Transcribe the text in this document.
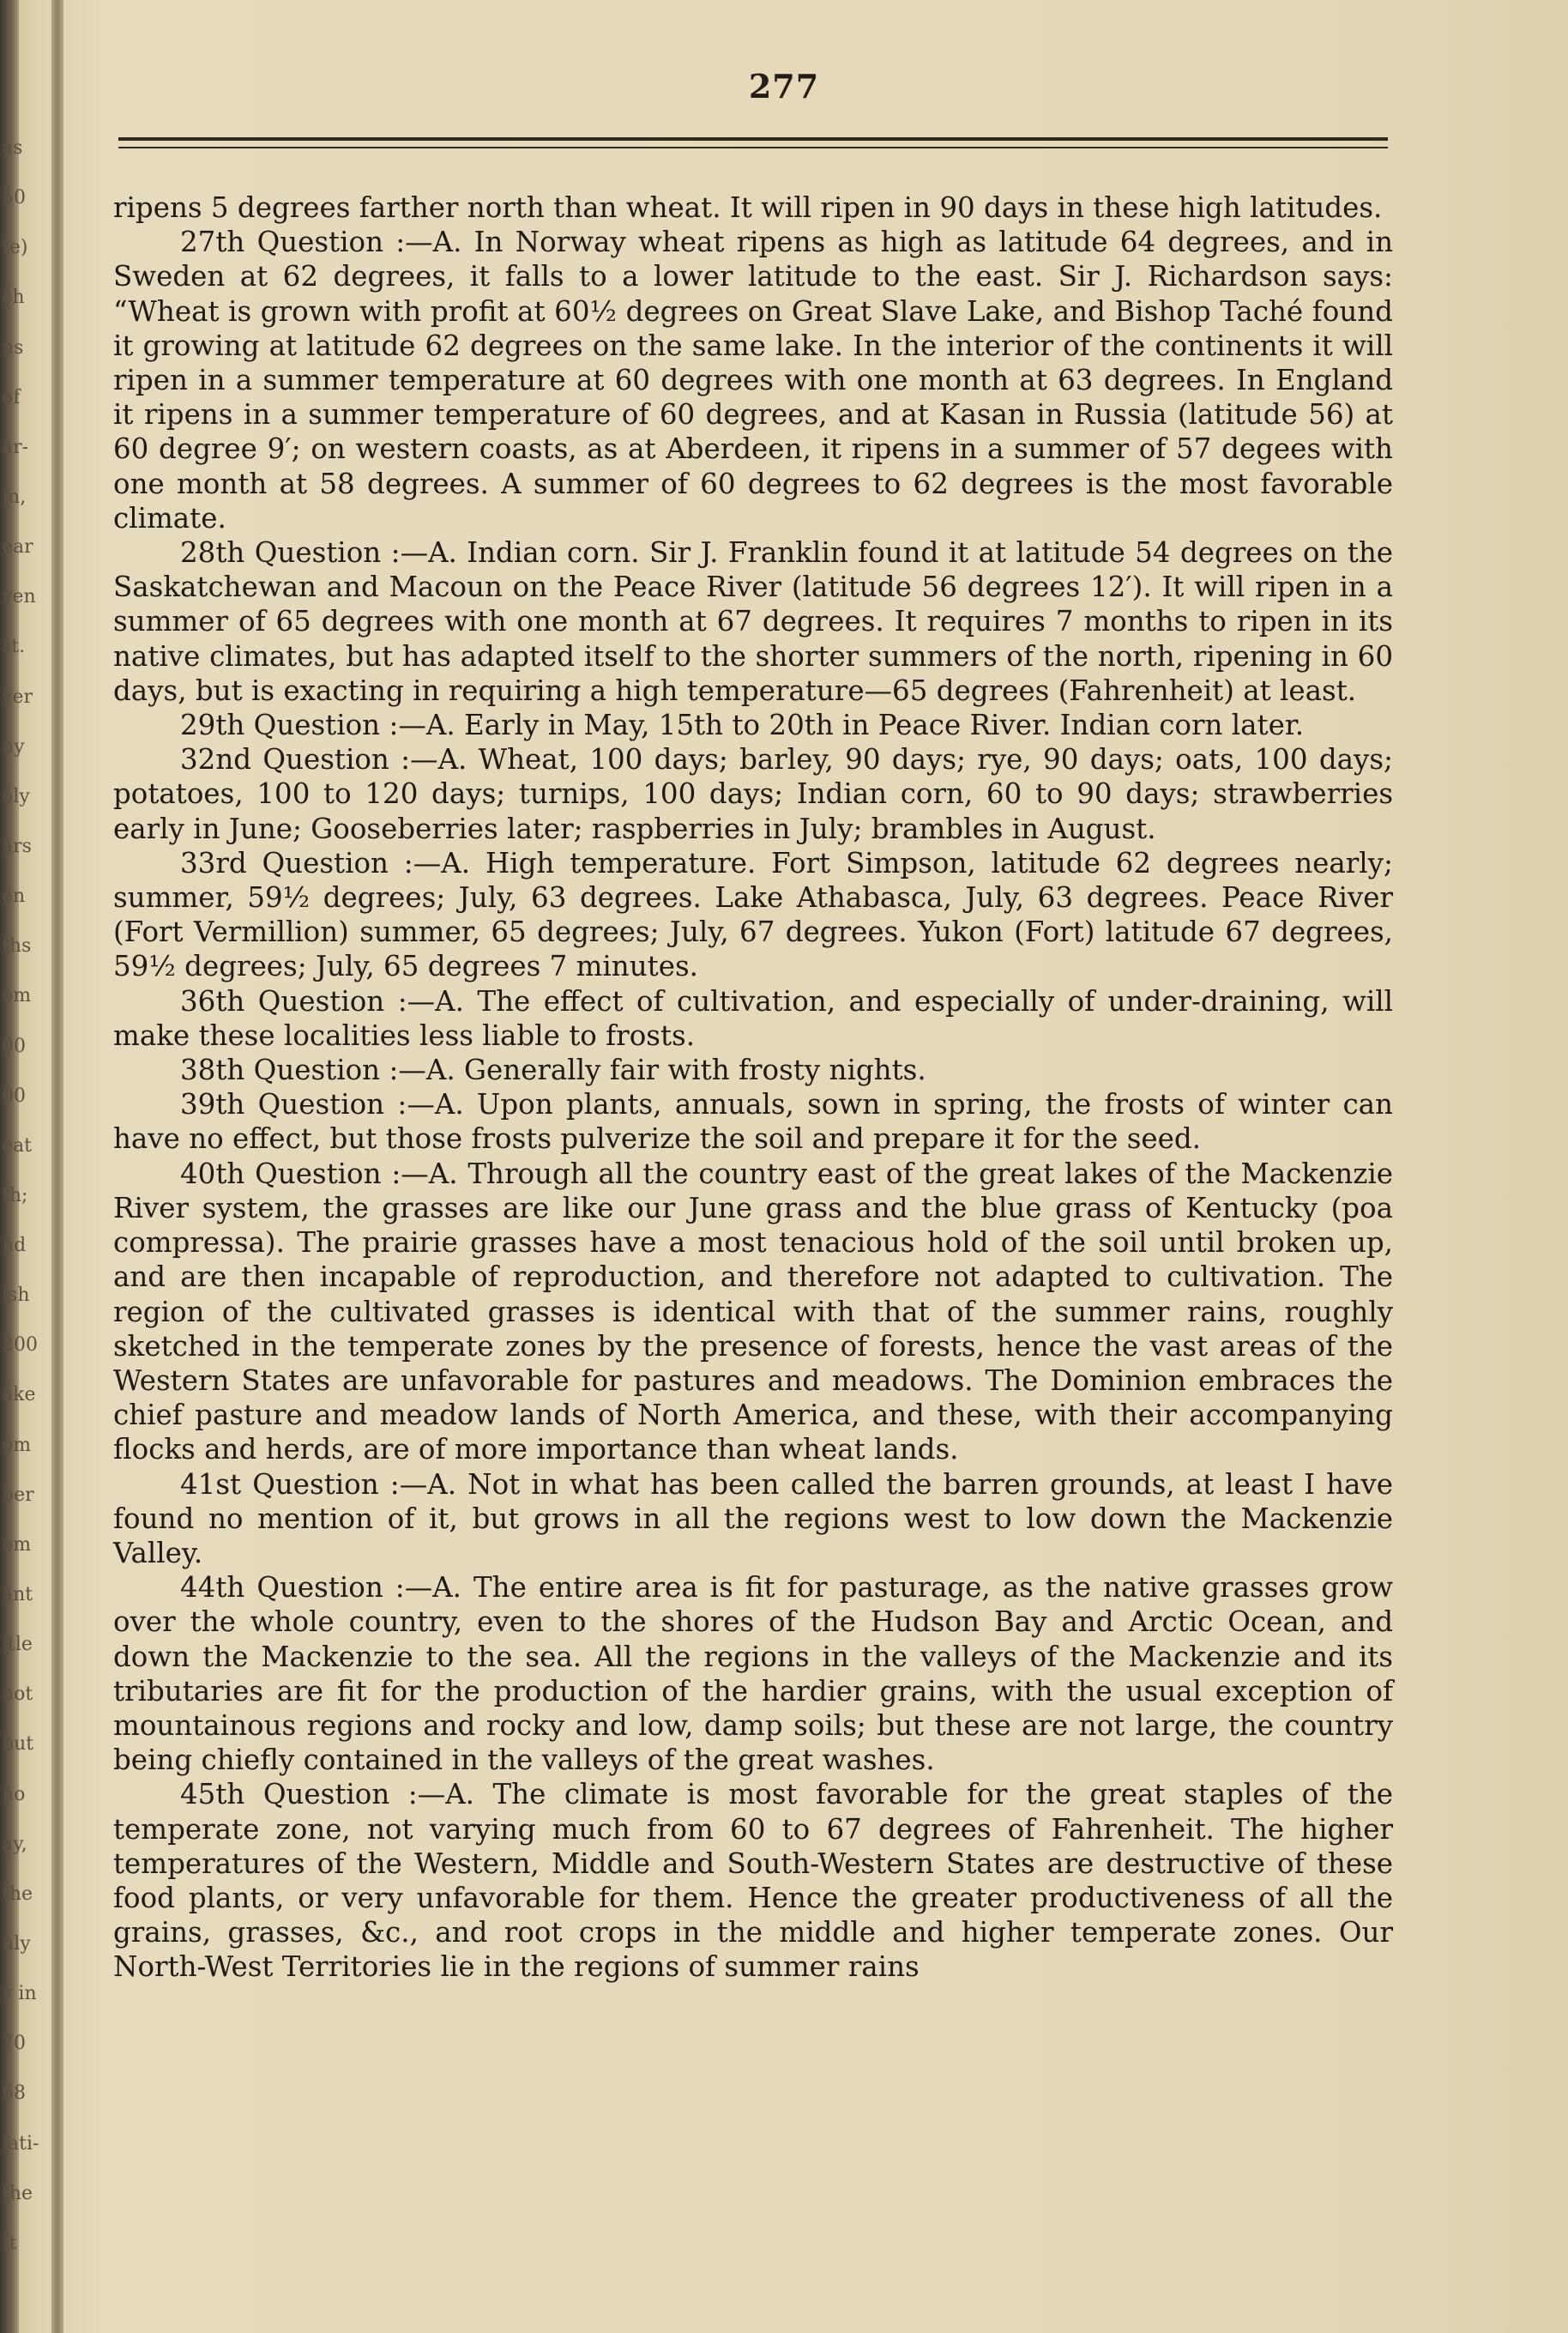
as
50
te)
ch
ns
of
ar-
in,
ear
ven
st.
ver
ny
oly
ars
en
ths
om
00
00
eat
th;
nd
ish
200
ake
om
ber
om
ant
itle
not
but
no
ay,
the
uly
y in
70
68
lati-
the
It
277

ripens 5 degrees farther north than wheat. It will ripen in 90 days in these high latitudes.

27th Question :—A. In Norway wheat ripens as high as latitude 64 degrees, and in Sweden at 62 degrees, it falls to a lower latitude to the east. Sir J. Richardson says: “Wheat is grown with profit at 60½ degrees on Great Slave Lake, and Bishop Taché found it growing at latitude 62 degrees on the same lake. In the interior of the continents it will ripen in a summer temperature at 60 degrees with one month at 63 degrees. In England it ripens in a summer temperature of 60 degrees, and at Kasan in Russia (latitude 56) at 60 degree 9′; on western coasts, as at Aberdeen, it ripens in a summer of 57 degees with one month at 58 degrees. A summer of 60 degrees to 62 degrees is the most favorable climate.

28th Question :—A. Indian corn. Sir J. Franklin found it at latitude 54 degrees on the Saskatchewan and Macoun on the Peace River (latitude 56 degrees 12′). It will ripen in a summer of 65 degrees with one month at 67 degrees. It requires 7 months to ripen in its native climates, but has adapted itself to the shorter summers of the north, ripening in 60 days, but is exacting in requiring a high temperature—65 degrees (Fahrenheit) at least.

29th Question :—A. Early in May, 15th to 20th in Peace River. Indian corn later.

32nd Question :—A. Wheat, 100 days; barley, 90 days; rye, 90 days; oats, 100 days; potatoes, 100 to 120 days; turnips, 100 days; Indian corn, 60 to 90 days; strawberries early in June; Gooseberries later; raspberries in July; brambles in August.

33rd Question :—A. High temperature. Fort Simpson, latitude 62 degrees nearly; summer, 59½ degrees; July, 63 degrees. Lake Athabasca, July, 63 degrees. Peace River (Fort Vermillion) summer, 65 degrees; July, 67 degrees. Yukon (Fort) latitude 67 degrees, 59½ degrees; July, 65 degrees 7 minutes.

36th Question :—A. The effect of cultivation, and especially of under-draining, will make these localities less liable to frosts.

38th Question :—A. Generally fair with frosty nights.

39th Question :—A. Upon plants, annuals, sown in spring, the frosts of winter can have no effect, but those frosts pulverize the soil and prepare it for the seed.

40th Question :—A. Through all the country east of the great lakes of the Mackenzie River system, the grasses are like our June grass and the blue grass of Kentucky (poa compressa). The prairie grasses have a most tenacious hold of the soil until broken up, and are then incapable of reproduction, and therefore not adapted to cultivation. The region of the cultivated grasses is identical with that of the summer rains, roughly sketched in the temperate zones by the presence of forests, hence the vast areas of the Western States are unfavorable for pastures and meadows. The Dominion embraces the chief pasture and meadow lands of North America, and these, with their accompanying flocks and herds, are of more importance than wheat lands.

41st Question :—A. Not in what has been called the barren grounds, at least I have found no mention of it, but grows in all the regions west to low down the Mackenzie Valley.

44th Question :—A. The entire area is fit for pasturage, as the native grasses grow over the whole country, even to the shores of the Hudson Bay and Arctic Ocean, and down the Mackenzie to the sea. All the regions in the valleys of the Mackenzie and its tributaries are fit for the production of the hardier grains, with the usual exception of mountainous regions and rocky and low, damp soils; but these are not large, the country being chiefly contained in the valleys of the great washes.

45th Question :—A. The climate is most favorable for the great staples of the temperate zone, not varying much from 60 to 67 degrees of Fahrenheit. The higher temperatures of the Western, Middle and South-Western States are destructive of these food plants, or very unfavorable for them. Hence the greater productiveness of all the grains, grasses, &c., and root crops in the middle and higher temperate zones. Our North-West Territories lie in the regions of summer rains
